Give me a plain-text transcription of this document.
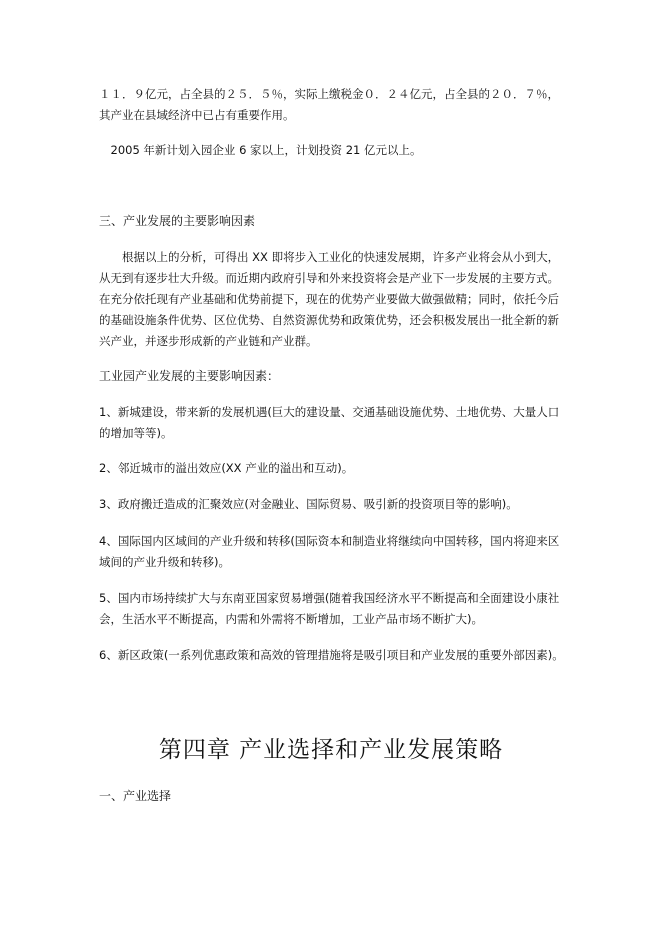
１１．９亿元，占全县的２５．５％，实际上缴税金０．２４亿元，占全县的２０．７％，其产业在县域经济中已占有重要作用。

2005 年新计划入园企业 6 家以上，计划投资 21 亿元以上。

三、产业发展的主要影响因素

根据以上的分析，可得出 XX 即将步入工业化的快速发展期，许多产业将会从小到大，从无到有逐步壮大升级。而近期内政府引导和外来投资将会是产业下一步发展的主要方式。在充分依托现有产业基础和优势前提下，现在的优势产业要做大做强做精；同时，依托今后的基础设施条件优势、区位优势、自然资源优势和政策优势，还会积极发展出一批全新的新兴产业，并逐步形成新的产业链和产业群。

工业园产业发展的主要影响因素：

1、新城建设，带来新的发展机遇(巨大的建设量、交通基础设施优势、土地优势、大量人口的增加等等)。

2、邻近城市的溢出效应(XX 产业的溢出和互动)。

3、政府搬迁造成的汇聚效应(对金融业、国际贸易、吸引新的投资项目等的影响)。

4、国际国内区域间的产业升级和转移(国际资本和制造业将继续向中国转移，国内将迎来区域间的产业升级和转移)。

5、国内市场持续扩大与东南亚国家贸易增强(随着我国经济水平不断提高和全面建设小康社会，生活水平不断提高，内需和外需将不断增加，工业产品市场不断扩大)。

6、新区政策(一系列优惠政策和高效的管理措施将是吸引项目和产业发展的重要外部因素)。

第四章 产业选择和产业发展策略

一、产业选择
